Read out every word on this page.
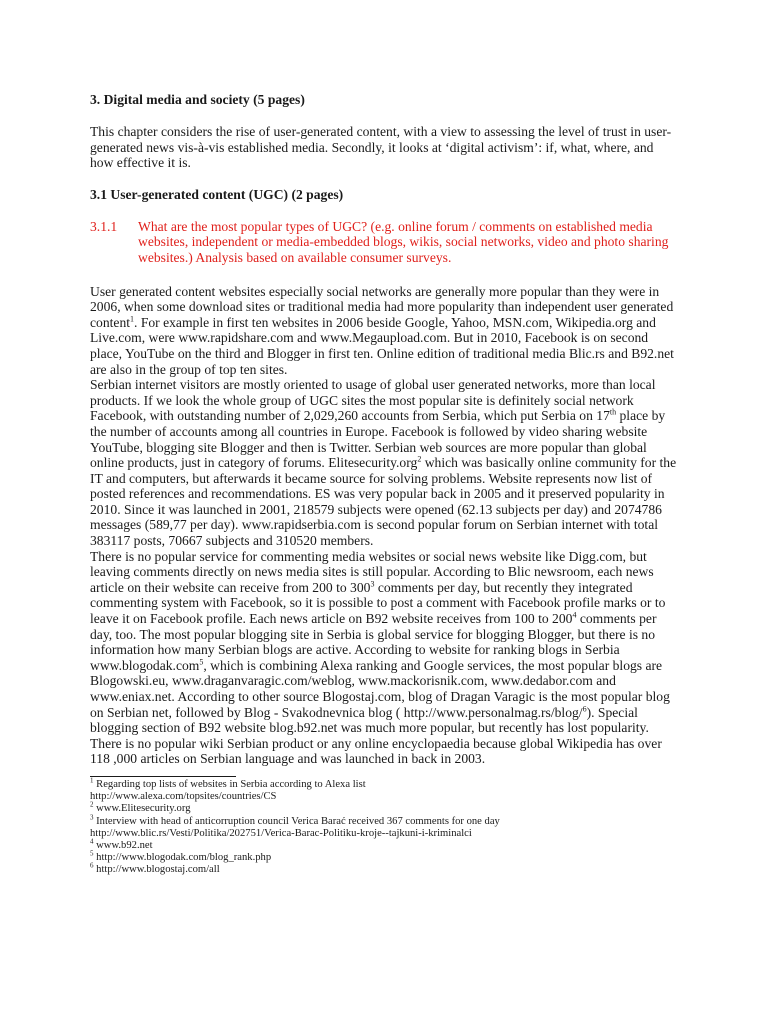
3. Digital media and society (5 pages)

This chapter considers the rise of user-generated content, with a view to assessing the level of trust in user-generated news vis-à-vis established media. Secondly, it looks at ‘digital activism’: if, what, where, and how effective it is.

3.1 User-generated content (UGC) (2 pages)
3.1.1	What are the most popular types of UGC? (e.g. online forum / comments on established media websites, independent or media-embedded blogs, wikis, social networks, video and photo sharing websites.) Analysis based on available consumer surveys.

User generated content websites especially social networks are generally more popular than they were in 2006, when some download sites or traditional media had more popularity than independent user generated content$^1$. For example in first ten websites in 2006 beside Google, Yahoo, MSN.com, Wikipedia.org and Live.com, were www.rapidshare.com and www.Megaupload.com. But in 2010, Facebook is on second place, YouTube on the third and Blogger in first ten. Online edition of traditional media Blic.rs and B92.net are also in the group of top ten sites.

Serbian internet visitors are mostly oriented to usage of global user generated networks, more than local products. If we look the whole group of UGC sites the most popular site is definitely social network Facebook, with outstanding number of 2,029,260 accounts from Serbia, which put Serbia on 17th place by the number of accounts among all countries in Europe. Facebook is followed by video sharing website YouTube, blogging site Blogger and then is Twitter. Serbian web sources are more popular than global online products, just in category of forums. Elitesecurity.org$^2$ which was basically online community for the IT and computers, but afterwards it became source for solving problems. Website represents now list of posted references and recommendations. ES was very popular back in 2005 and it preserved popularity in 2010. Since it was launched in 2001, 218579 subjects were opened (62.13 subjects per day) and 2074786 messages (589,77 per day). www.rapidserbia.com is second popular forum on Serbian internet with total 383117 posts, 70667 subjects and 310520 members.

There is no popular service for commenting media websites or social news website like Digg.com, but leaving comments directly on news media sites is still popular. According to Blic newsroom, each news article on their website can receive from 200 to $300^3$ comments per day, but recently they integrated commenting system with Facebook, so it is possible to post a comment with Facebook profile marks or to leave it on Facebook profile. Each news article on B92 website receives from 100 to $200^4$ comments per day, too. The most popular blogging site in Serbia is global service for blogging Blogger, but there is no information how many Serbian blogs are active. According to website for ranking blogs in Serbia www.blogodak.com$^5$, which is combining Alexa ranking and Google services, the most popular blogs are Blogowski.eu, www.draganvaragic.com/weblog, www.mackorisnik.com, www.dedabor.com and www.eniax.net. According to other source Blogostaj.com, blog of Dragan Varagic is the most popular blog on Serbian net, followed by Blog - Svakodnevnica blog ( http://www.personalmag.rs/blog/$^6$). Special blogging section of B92 website blog.b92.net was much more popular, but recently has lost popularity. There is no popular wiki Serbian product or any online encyclopaedia because global Wikipedia has over 118 ,000 articles on Serbian language and was launched in back in 2003.

$^1$ Regarding top lists of websites in Serbia according to Alexa list
http://www.alexa.com/topsites/countries/CS
$^2$ www.Elitesecurity.org
$^3$ Interview with head of anticorruption council Verica Barać received 367 comments for one day
http://www.blic.rs/Vesti/Politika/202751/Verica-Barac-Politiku-kroje--tajkuni-i-kriminalci
$^4$ www.b92.net
$^5$ http://www.blogodak.com/blog_rank.php
$^6$ http://www.blogostaj.com/all
